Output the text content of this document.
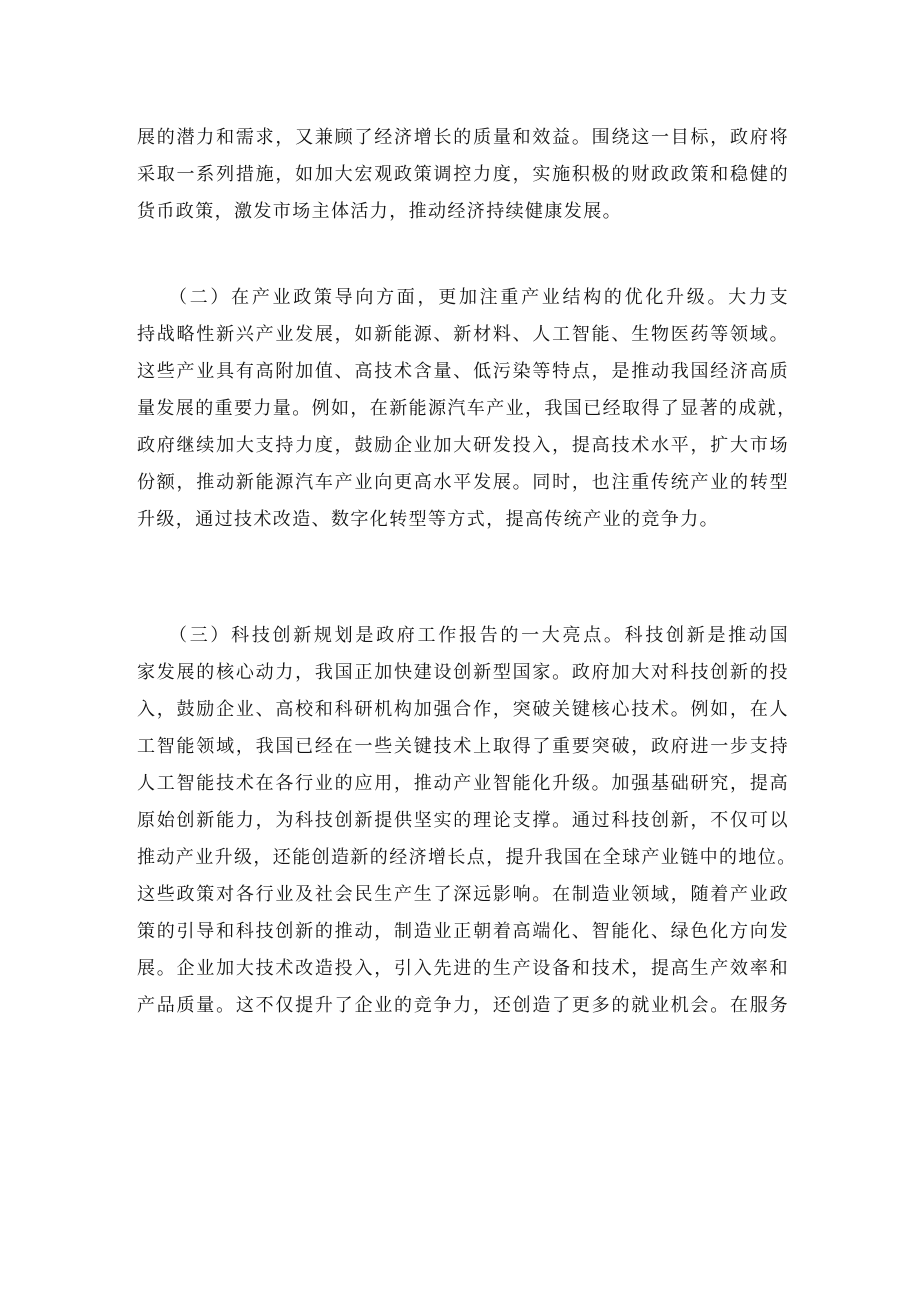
展的潜力和需求，又兼顾了经济增长的质量和效益。围绕这一目标，政府将
采取一系列措施，如加大宏观政策调控力度，实施积极的财政政策和稳健的
货币政策，激发市场主体活力，推动经济持续健康发展。
（二）在产业政策导向方面，更加注重产业结构的优化升级。大力支
持战略性新兴产业发展，如新能源、新材料、人工智能、生物医药等领域。
这些产业具有高附加值、高技术含量、低污染等特点，是推动我国经济高质
量发展的重要力量。例如，在新能源汽车产业，我国已经取得了显著的成就，
政府继续加大支持力度，鼓励企业加大研发投入，提高技术水平，扩大市场
份额，推动新能源汽车产业向更高水平发展。同时，也注重传统产业的转型
升级，通过技术改造、数字化转型等方式，提高传统产业的竞争力。
（三）科技创新规划是政府工作报告的一大亮点。科技创新是推动国
家发展的核心动力，我国正加快建设创新型国家。政府加大对科技创新的投
入，鼓励企业、高校和科研机构加强合作，突破关键核心技术。例如，在人
工智能领域，我国已经在一些关键技术上取得了重要突破，政府进一步支持
人工智能技术在各行业的应用，推动产业智能化升级。加强基础研究，提高
原始创新能力，为科技创新提供坚实的理论支撑。通过科技创新，不仅可以
推动产业升级，还能创造新的经济增长点，提升我国在全球产业链中的地位。
这些政策对各行业及社会民生产生了深远影响。在制造业领域，随着产业政
策的引导和科技创新的推动，制造业正朝着高端化、智能化、绿色化方向发
展。企业加大技术改造投入，引入先进的生产设备和技术，提高生产效率和
产品质量。这不仅提升了企业的竞争力，还创造了更多的就业机会。在服务
